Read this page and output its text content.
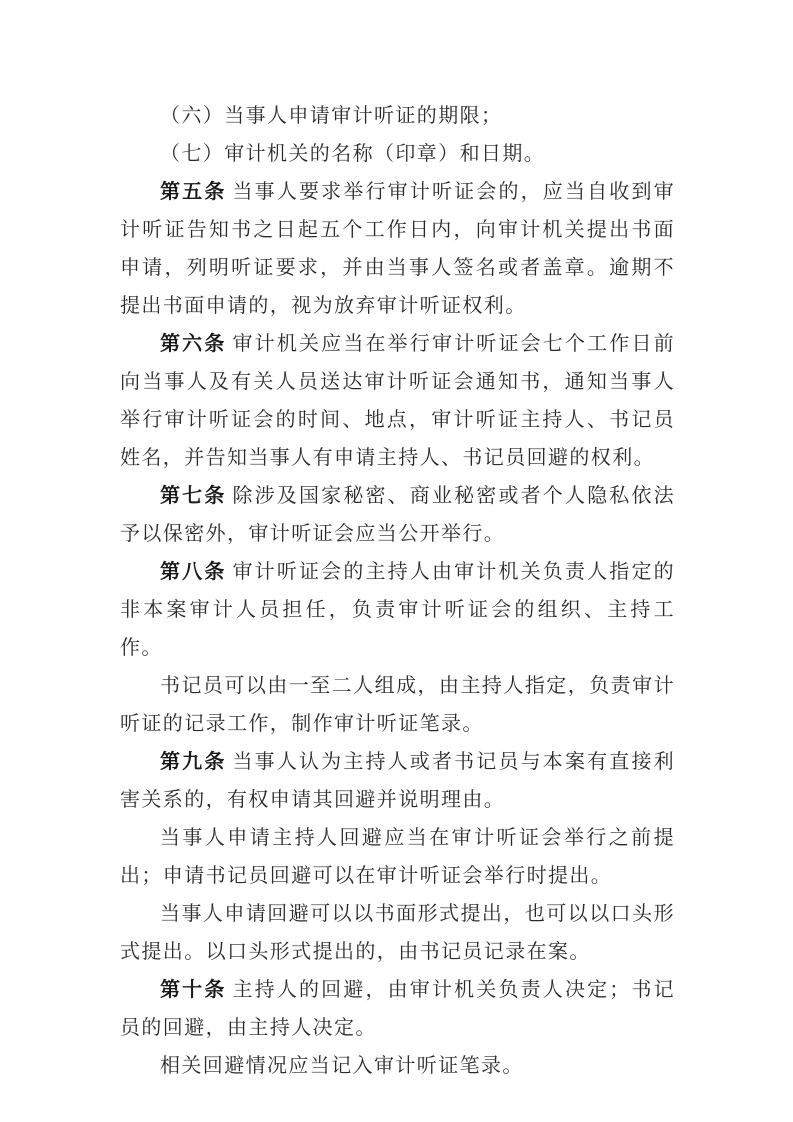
（六）当事人申请审计听证的期限；

（七）审计机关的名称（印章）和日期。

第五条 当事人要求举行审计听证会的，应当自收到审计听证告知书之日起五个工作日内，向审计机关提出书面申请，列明听证要求，并由当事人签名或者盖章。逾期不提出书面申请的，视为放弃审计听证权利。

第六条 审计机关应当在举行审计听证会七个工作日前向当事人及有关人员送达审计听证会通知书，通知当事人举行审计听证会的时间、地点，审计听证主持人、书记员姓名，并告知当事人有申请主持人、书记员回避的权利。

第七条 除涉及国家秘密、商业秘密或者个人隐私依法予以保密外，审计听证会应当公开举行。

第八条 审计听证会的主持人由审计机关负责人指定的非本案审计人员担任，负责审计听证会的组织、主持工作。

书记员可以由一至二人组成，由主持人指定，负责审计听证的记录工作，制作审计听证笔录。

第九条 当事人认为主持人或者书记员与本案有直接利害关系的，有权申请其回避并说明理由。

当事人申请主持人回避应当在审计听证会举行之前提出；申请书记员回避可以在审计听证会举行时提出。

当事人申请回避可以以书面形式提出，也可以以口头形式提出。以口头形式提出的，由书记员记录在案。

第十条 主持人的回避，由审计机关负责人决定；书记员的回避，由主持人决定。

相关回避情况应当记入审计听证笔录。
